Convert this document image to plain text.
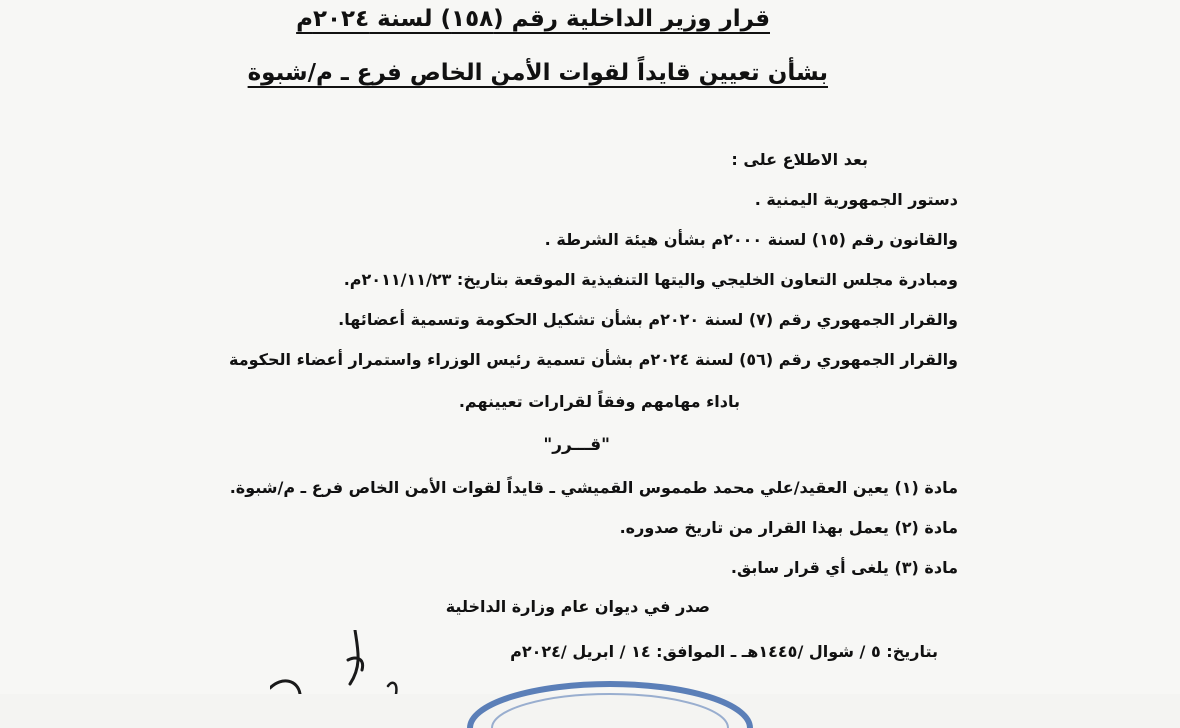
قرار وزير الداخلية رقم (١٥٨) لسنة ٢٠٢٤م
بشأن تعيين قايداً لقوات الأمن الخاص فرع ـ م/شبوة
بعد الاطلاع على :
دستور الجمهورية اليمنية .
والقانون رقم (١٥) لسنة ٢٠٠٠م بشأن هيئة الشرطة .
ومبادرة مجلس التعاون الخليجي واليتها التنفيذية الموقعة بتاريخ: ٢٠١١/١١/٢٣م.
والقرار الجمهوري رقم (٧) لسنة ٢٠٢٠م بشأن تشكيل الحكومة وتسمية أعضائها.
والقرار الجمهوري رقم (٥٦) لسنة ٢٠٢٤م بشأن تسمية رئيس الوزراء واستمرار أعضاء الحكومة
باداء مهامهم وفقاً لقرارات تعيينهم.
"قـــرر"
مادة (١) يعين العقيد/علي محمد طمموس القميشي ـ قايداً لقوات الأمن الخاص فرع ـ م/شبوة.
مادة (٢) يعمل بهذا القرار من تاريخ صدوره.
مادة (٣) يلغى أي قرار سابق.
صدر في ديوان عام وزارة الداخلية
بتاريخ: ٥ / شوال /١٤٤٥هـ ـ الموافق: ١٤ / ابريل /٢٠٢٤م
